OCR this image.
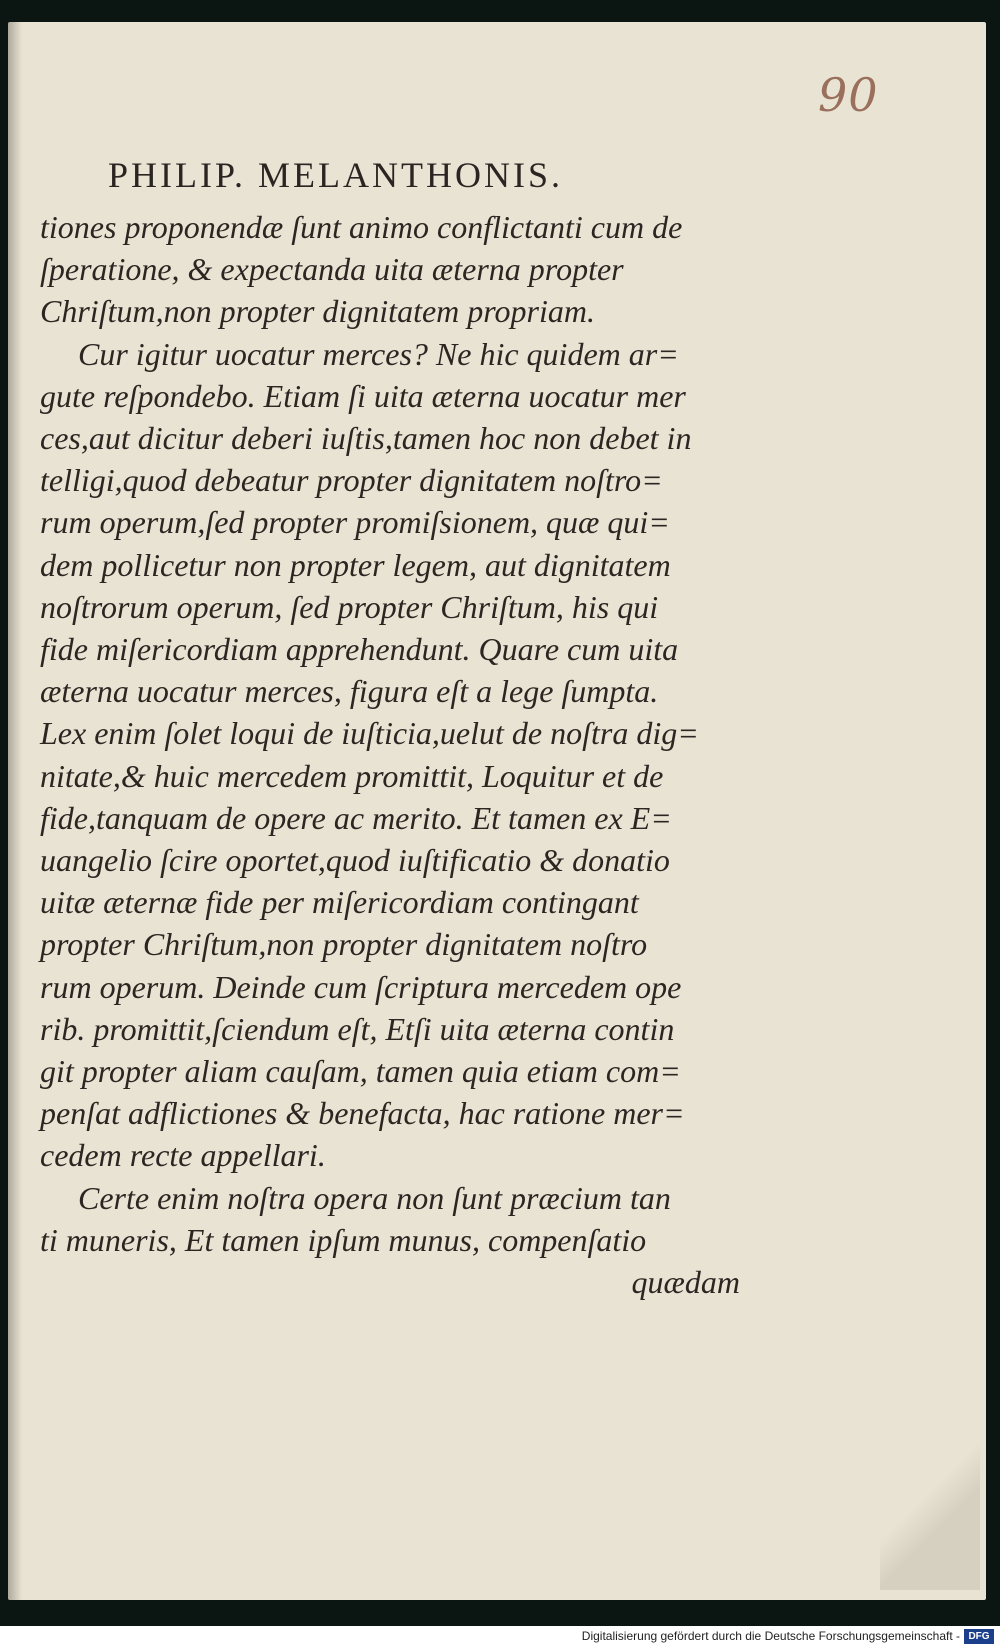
90
PHILIP. MELANTHONIS.
tiones proponendæ ſunt animo conflictanti cum de
ſperatione, & expectanda uita æterna propter
Chriſtum,non propter dignitatem propriam.
Cur igitur uocatur merces? Ne hic quidem ar=
gute reſpondebo. Etiam ſi uita æterna uocatur mer
ces,aut dicitur deberi iuſtis,tamen hoc non debet in
telligi,quod debeatur propter dignitatem noſtro=
rum operum,ſed propter promiſsionem, quæ qui=
dem pollicetur non propter legem, aut dignitatem
noſtrorum operum, ſed propter Chriſtum, his qui
fide miſericordiam apprehendunt. Quare cum uita
æterna uocatur merces, figura eſt a lege ſumpta.
Lex enim ſolet loqui de iuſticia,uelut de noſtra dig=
nitate,& huic mercedem promittit, Loquitur et de
fide,tanquam de opere ac merito. Et tamen ex E=
uangelio ſcire oportet,quod iuſtificatio & donatio
uitæ æternæ fide per miſericordiam contingant
propter Chriſtum,non propter dignitatem noſtro
rum operum. Deinde cum ſcriptura mercedem ope
rib. promittit,ſciendum eſt, Etſi uita æterna contin
git propter aliam cauſam, tamen quia etiam com=
penſat adflictiones & benefacta, hac ratione mer=
cedem recte appellari.
Certe enim noſtra opera non ſunt præcium tan
ti muneris, Et tamen ipſum munus, compenſatio
quædam
Digitalisierung gefördert durch die Deutsche Forschungsgemeinschaft - DFG
